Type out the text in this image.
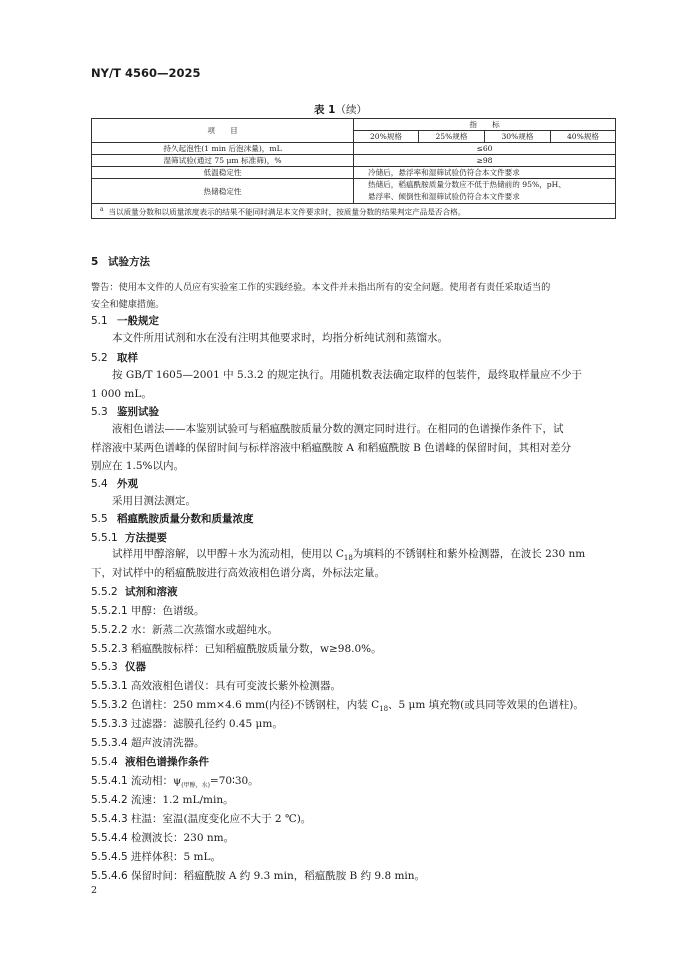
NY/T 4560—2025
表 1（续）
项　　目	指　　标			
	20%规格	25%规格	30%规格	40%规格
持久起泡性(1 min 后泡沫量)，mL	≤60			
湿筛试验(通过 75 μm 标准筛)，%	≥98			
低温稳定性	冷储后，悬浮率和湿筛试验仍符合本文件要求			
热储稳定性	热储后，稻瘟酰胺质量分数应不低于热储前的 95%，pH、
悬浮率、倾倒性和湿筛试验仍符合本文件要求			
$^a$ 当以质量分数和以质量浓度表示的结果不能同时满足本文件要求时，按质量分数的结果判定产品是否合格。				
5 试验方法
警告：使用本文件的人员应有实验室工作的实践经验。本文件并未指出所有的安全问题。使用者有责任采取适当的
安全和健康措施。
5.1 一般规定
本文件所用试剂和水在没有注明其他要求时，均指分析纯试剂和蒸馏水。
5.2 取样
按 GB/T 1605—2001 中 5.3.2 的规定执行。用随机数表法确定取样的包装件，最终取样量应不少于
1 000 mL。
5.3 鉴别试验
液相色谱法——本鉴别试验可与稻瘟酰胺质量分数的测定同时进行。在相同的色谱操作条件下，试
样溶液中某两色谱峰的保留时间与标样溶液中稻瘟酰胺 A 和稻瘟酰胺 B 色谱峰的保留时间，其相对差分
别应在 1.5%以内。
5.4 外观
采用目测法测定。
5.5 稻瘟酰胺质量分数和质量浓度
5.5.1 方法提要
试样用甲醇溶解，以甲醇＋水为流动相，使用以 $C_{18}$为填料的不锈钢柱和紫外检测器，在波长 230 nm
下，对试样中的稻瘟酰胺进行高效液相色谱分离，外标法定量。
5.5.2 试剂和溶液
5.5.2.1 甲醇：色谱级。
5.5.2.2 水：新蒸二次蒸馏水或超纯水。
5.5.2.3 稻瘟酰胺标样：已知稻瘟酰胺质量分数，w≥98.0%。
5.5.3 仪器
5.5.3.1 高效液相色谱仪：具有可变波长紫外检测器。
5.5.3.2 色谱柱：250 mm×4.6 mm(内径)不锈钢柱，内装 $C_{18}$、5 μm 填充物(或具同等效果的色谱柱)。
5.5.3.3 过滤器：滤膜孔径约 0.45 μm。
5.5.3.4 超声波清洗器。
5.5.4 液相色谱操作条件
5.5.4.1 流动相：$\psi_{(甲醇,水)}=70∶30$。
5.5.4.2 流速：1.2 mL/min。
5.5.4.3 柱温：室温(温度变化应不大于 2 ℃)。
5.5.4.4 检测波长：230 nm。
5.5.4.5 进样体积：5 mL。
5.5.4.6 保留时间：稻瘟酰胺 A 约 9.3 min，稻瘟酰胺 B 约 9.8 min。
2
